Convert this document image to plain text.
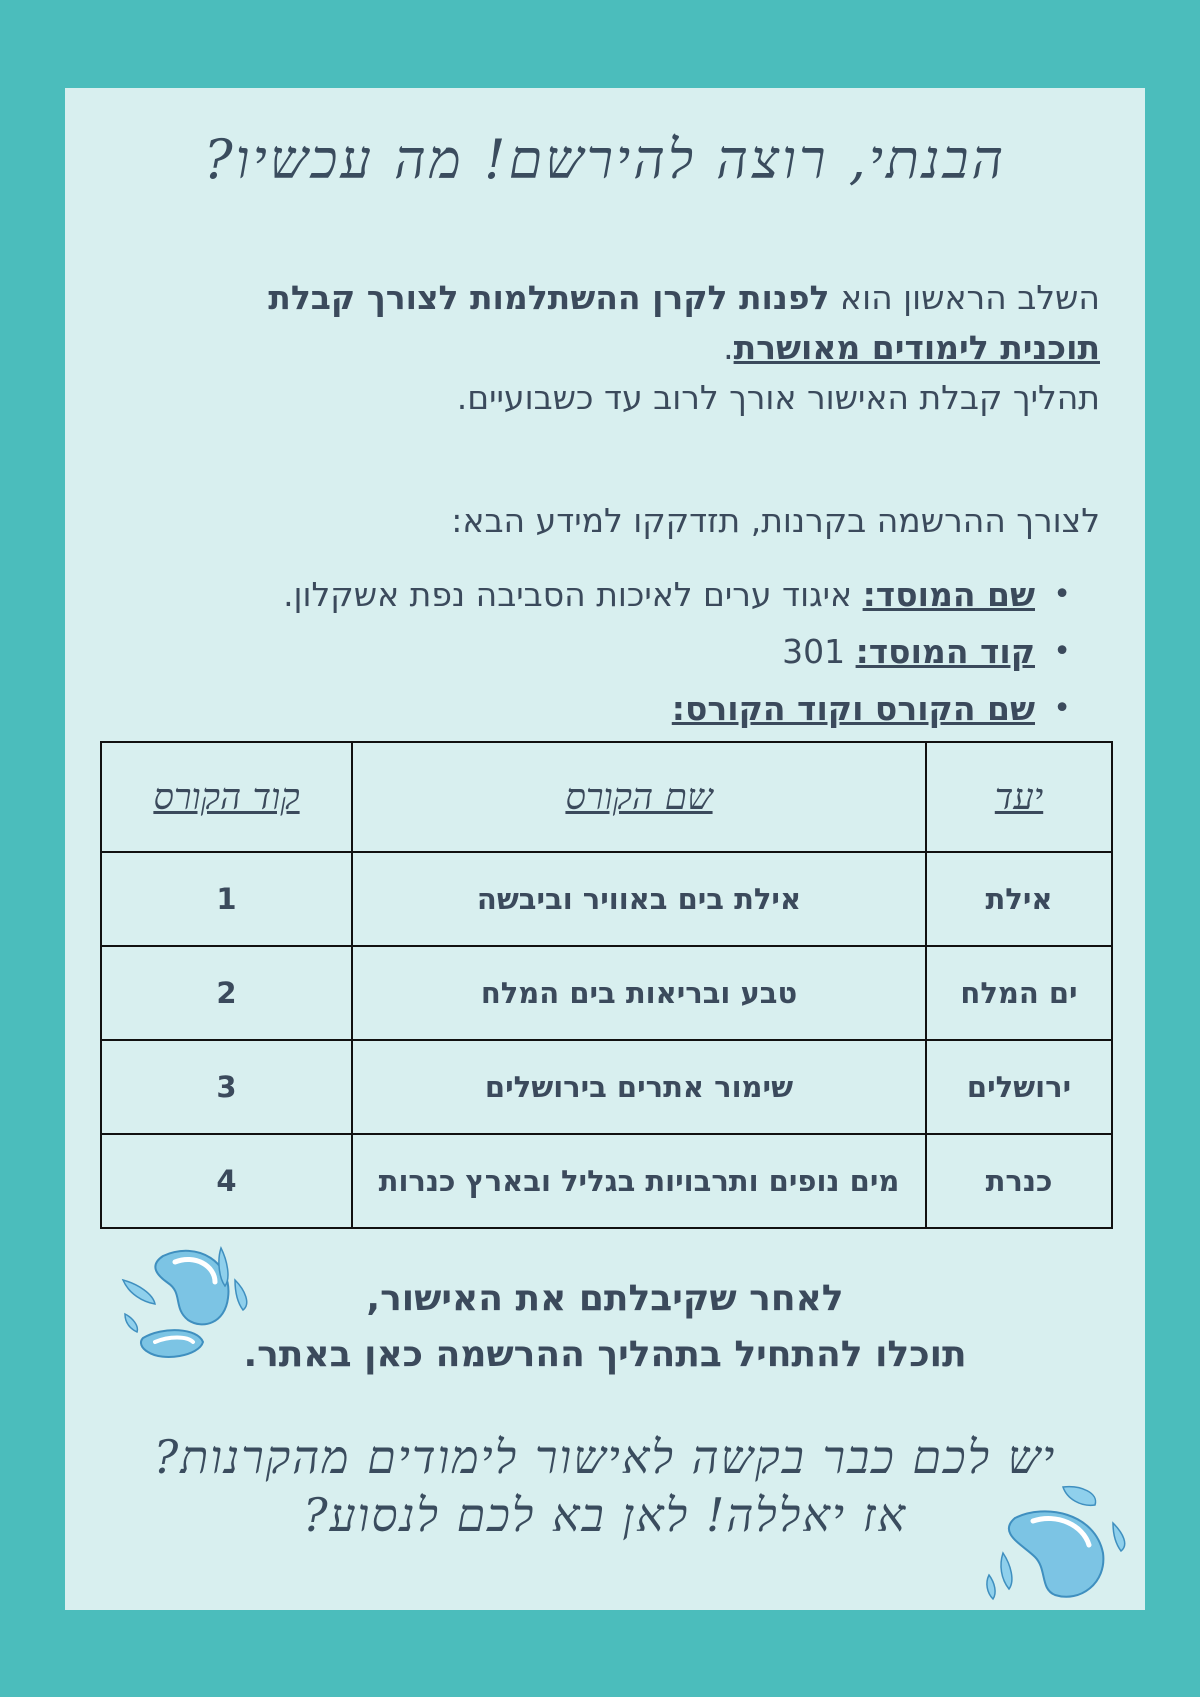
הבנתי, רוצה להירשם! מה עכשיו?
השלב הראשון הוא לפנות לקרן ההשתלמות לצורך קבלת
תוכנית לימודים מאושרת.
תהליך קבלת האישור אורך לרוב עד כשבועיים.
לצורך ההרשמה בקרנות, תזדקקו למידע הבא:
• שם המוסד: איגוד ערים לאיכות הסביבה נפת אשקלון.
• קוד המוסד: 301
• שם הקורס וקוד הקורס:
יעד	שם הקורס	קוד הקורס
אילת	אילת בים באוויר וביבשה	1
ים המלח	טבע ובריאות בים המלח	2
ירושלים	שימור אתרים בירושלים	3
כנרת	מים נופים ותרבויות בגליל ובארץ כנרות	4
לאחר שקיבלתם את האישור,
תוכלו להתחיל בתהליך ההרשמה כאן באתר.
יש לכם כבר בקשה לאישור לימודים מהקרנות?
אז יאללה! לאן בא לכם לנסוע?
